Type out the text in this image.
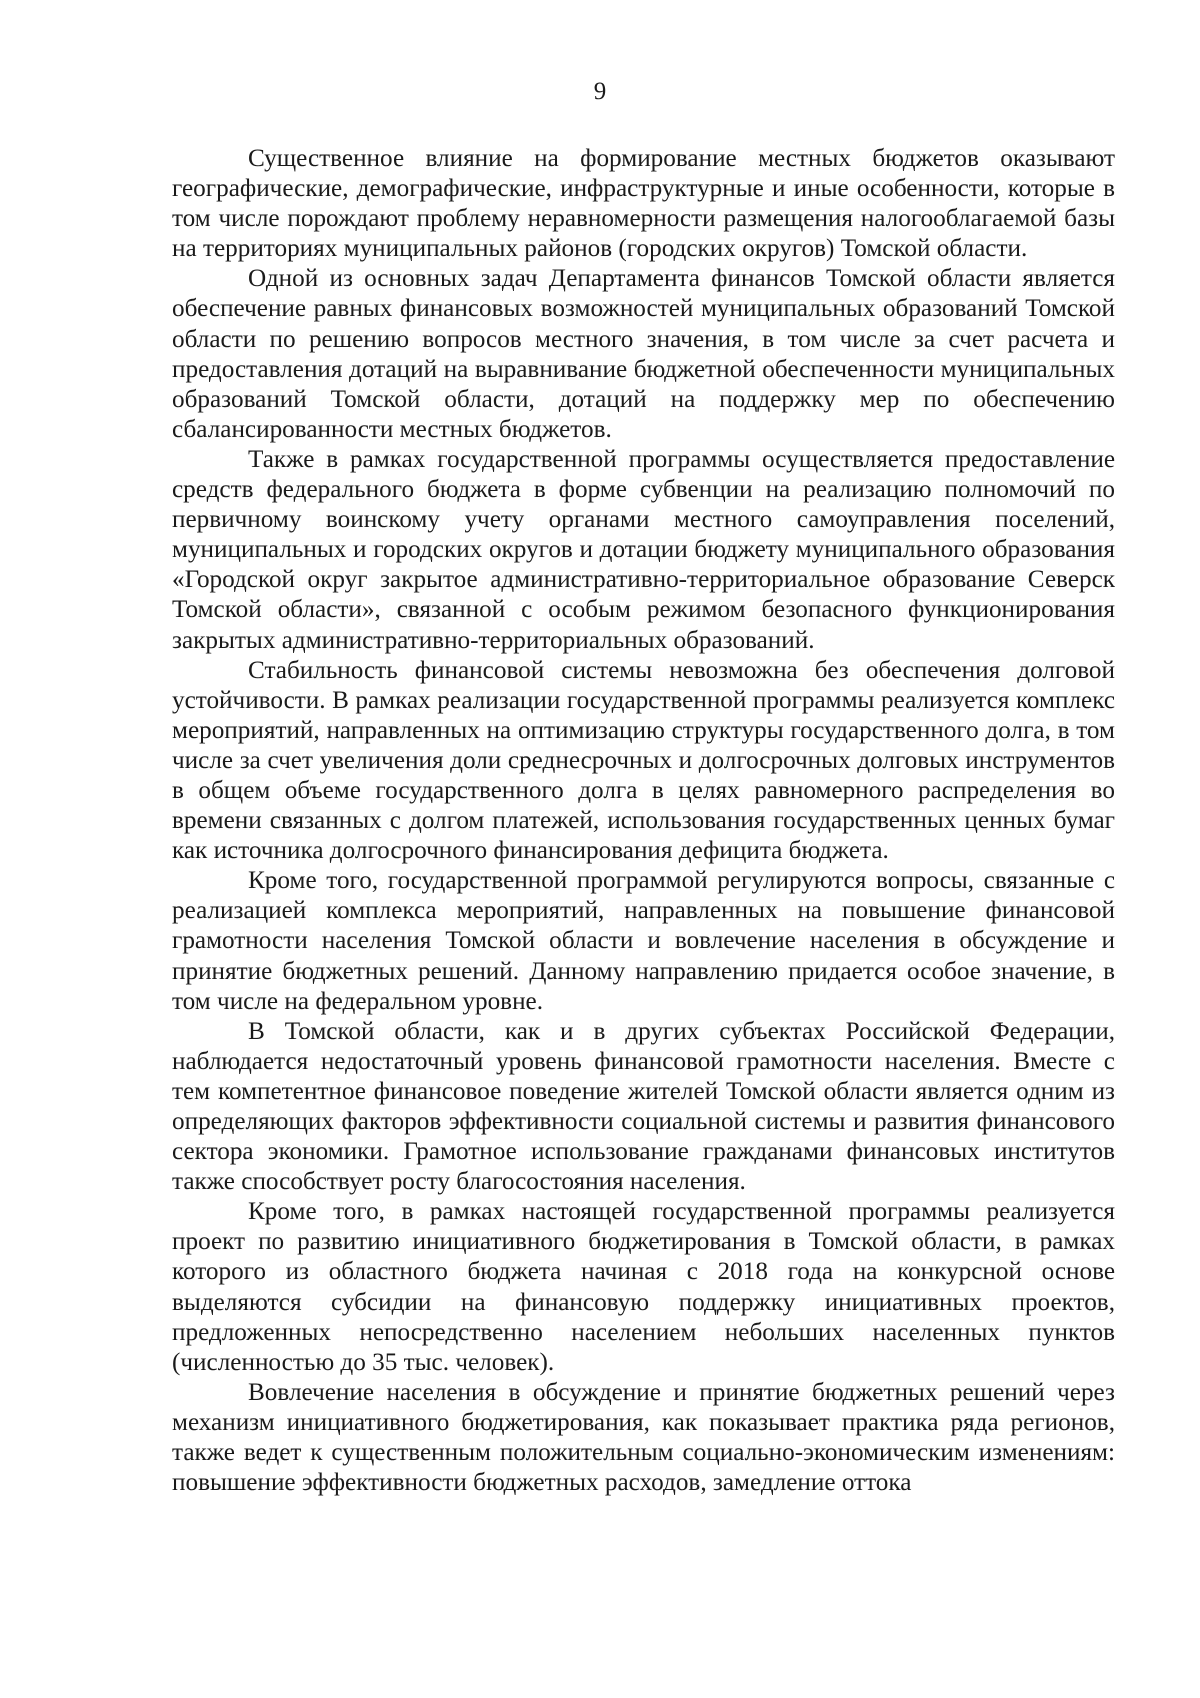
9

Существенное влияние на формирование местных бюджетов оказывают географические, демографические, инфраструктурные и иные особенности, которые в том числе порождают проблему неравномерности размещения налогооблагаемой базы на территориях муниципальных районов (городских округов) Томской области.

Одной из основных задач Департамента финансов Томской области является обеспечение равных финансовых возможностей муниципальных образований Томской области по решению вопросов местного значения, в том числе за счет расчета и предоставления дотаций на выравнивание бюджетной обеспеченности муниципальных образований Томской области, дотаций на поддержку мер по обеспечению сбалансированности местных бюджетов.

Также в рамках государственной программы осуществляется предоставление средств федерального бюджета в форме субвенции на реализацию полномочий по первичному воинскому учету органами местного самоуправления поселений, муниципальных и городских округов и дотации бюджету муниципального образования «Городской округ закрытое административно-территориальное образование Северск Томской области», связанной с особым режимом безопасного функционирования закрытых административно-территориальных образований.

Стабильность финансовой системы невозможна без обеспечения долговой устойчивости. В рамках реализации государственной программы реализуется комплекс мероприятий, направленных на оптимизацию структуры государственного долга, в том числе за счет увеличения доли среднесрочных и долгосрочных долговых инструментов в общем объеме государственного долга в целях равномерного распределения во времени связанных с долгом платежей, использования государственных ценных бумаг как источника долгосрочного финансирования дефицита бюджета.

Кроме того, государственной программой регулируются вопросы, связанные с реализацией комплекса мероприятий, направленных на повышение финансовой грамотности населения Томской области и вовлечение населения в обсуждение и принятие бюджетных решений. Данному направлению придается особое значение, в том числе на федеральном уровне.

В Томской области, как и в других субъектах Российской Федерации, наблюдается недостаточный уровень финансовой грамотности населения. Вместе с тем компетентное финансовое поведение жителей Томской области является одним из определяющих факторов эффективности социальной системы и развития финансового сектора экономики. Грамотное использование гражданами финансовых институтов также способствует росту благосостояния населения.

Кроме того, в рамках настоящей государственной программы реализуется проект по развитию инициативного бюджетирования в Томской области, в рамках которого из областного бюджета начиная с 2018 года на конкурсной основе выделяются субсидии на финансовую поддержку инициативных проектов, предложенных непосредственно населением небольших населенных пунктов (численностью до 35 тыс. человек).

Вовлечение населения в обсуждение и принятие бюджетных решений через механизм инициативного бюджетирования, как показывает практика ряда регионов, также ведет к существенным положительным социально-экономическим изменениям: повышение эффективности бюджетных расходов, замедление оттока
